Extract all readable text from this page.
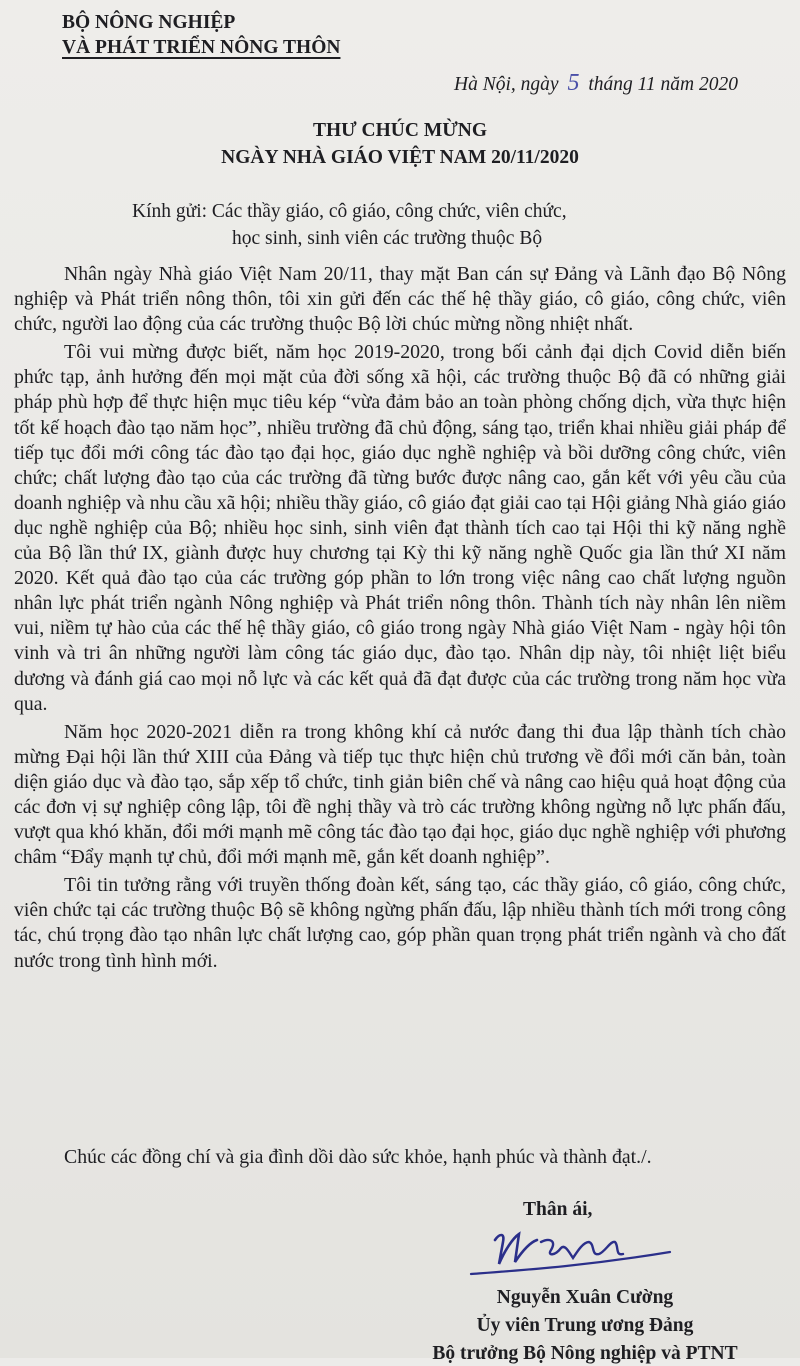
BỘ NÔNG NGHIỆP
VÀ PHÁT TRIỂN NÔNG THÔN
Hà Nội, ngày 5 tháng 11 năm 2020
THƯ CHÚC MỪNG
NGÀY NHÀ GIÁO VIỆT NAM 20/11/2020
Kính gửi: Các thầy giáo, cô giáo, công chức, viên chức,
học sinh, sinh viên các trường thuộc Bộ

Nhân ngày Nhà giáo Việt Nam 20/11, thay mặt Ban cán sự Đảng và Lãnh đạo Bộ Nông nghiệp và Phát triển nông thôn, tôi xin gửi đến các thế hệ thầy giáo, cô giáo, công chức, viên chức, người lao động của các trường thuộc Bộ lời chúc mừng nồng nhiệt nhất.

Tôi vui mừng được biết, năm học 2019-2020, trong bối cảnh đại dịch Covid diễn biến phức tạp, ảnh hưởng đến mọi mặt của đời sống xã hội, các trường thuộc Bộ đã có những giải pháp phù hợp để thực hiện mục tiêu kép “vừa đảm bảo an toàn phòng chống dịch, vừa thực hiện tốt kế hoạch đào tạo năm học”, nhiều trường đã chủ động, sáng tạo, triển khai nhiều giải pháp để tiếp tục đổi mới công tác đào tạo đại học, giáo dục nghề nghiệp và bồi dưỡng công chức, viên chức; chất lượng đào tạo của các trường đã từng bước được nâng cao, gắn kết với yêu cầu của doanh nghiệp và nhu cầu xã hội; nhiều thầy giáo, cô giáo đạt giải cao tại Hội giảng Nhà giáo giáo dục nghề nghiệp của Bộ; nhiều học sinh, sinh viên đạt thành tích cao tại Hội thi kỹ năng nghề của Bộ lần thứ IX, giành được huy chương tại Kỳ thi kỹ năng nghề Quốc gia lần thứ XI năm 2020. Kết quả đào tạo của các trường góp phần to lớn trong việc nâng cao chất lượng nguồn nhân lực phát triển ngành Nông nghiệp và Phát triển nông thôn. Thành tích này nhân lên niềm vui, niềm tự hào của các thế hệ thầy giáo, cô giáo trong ngày Nhà giáo Việt Nam - ngày hội tôn vinh và tri ân những người làm công tác giáo dục, đào tạo. Nhân dịp này, tôi nhiệt liệt biểu dương và đánh giá cao mọi nỗ lực và các kết quả đã đạt được của các trường trong năm học vừa qua.

Năm học 2020-2021 diễn ra trong không khí cả nước đang thi đua lập thành tích chào mừng Đại hội lần thứ XIII của Đảng và tiếp tục thực hiện chủ trương về đổi mới căn bản, toàn diện giáo dục và đào tạo, sắp xếp tổ chức, tinh giản biên chế và nâng cao hiệu quả hoạt động của các đơn vị sự nghiệp công lập, tôi đề nghị thầy và trò các trường không ngừng nỗ lực phấn đấu, vượt qua khó khăn, đổi mới mạnh mẽ công tác đào tạo đại học, giáo dục nghề nghiệp với phương châm “Đẩy mạnh tự chủ, đổi mới mạnh mẽ, gắn kết doanh nghiệp”.

Tôi tin tưởng rằng với truyền thống đoàn kết, sáng tạo, các thầy giáo, cô giáo, công chức, viên chức tại các trường thuộc Bộ sẽ không ngừng phấn đấu, lập nhiều thành tích mới trong công tác, chú trọng đào tạo nhân lực chất lượng cao, góp phần quan trọng phát triển ngành và cho đất nước trong tình hình mới.

Chúc các đồng chí và gia đình dồi dào sức khỏe, hạnh phúc và thành đạt./.
Thân ái,
Nguyễn Xuân Cường
Ủy viên Trung ương Đảng
Bộ trưởng Bộ Nông nghiệp và PTNT
